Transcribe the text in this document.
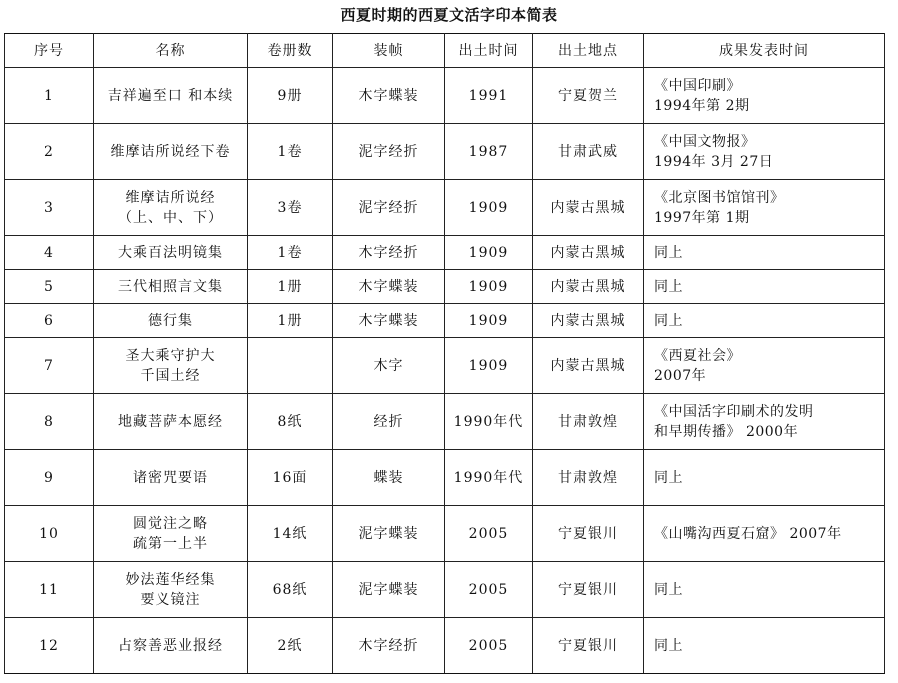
西夏时期的西夏文活字印本简表
序号	名称	卷册数	装帧	出土时间	出土地点	成果发表时间
1	吉祥遍至口 和本续	9册	木字蝶装	1991	宁夏贺兰	《中国印刷》
1994年第 2期

2	维摩诘所说经下卷	1卷	泥字经折	1987	甘肃武威	《中国文物报》
1994年 3月 27日

3	维摩诘所说经
（上、中、下）	3卷	泥字经折	1909	内蒙古黑城	《北京图书馆馆刊》
1997年第 1期

4	大乘百法明镜集	1卷	木字经折	1909	内蒙古黑城	同上

5	三代相照言文集	1册	木字蝶装	1909	内蒙古黑城	同上

6	德行集	1册	木字蝶装	1909	内蒙古黑城	同上

7	圣大乘守护大
千国土经		木字	1909	内蒙古黑城	《西夏社会》
2007年

8	地藏菩萨本愿经	8纸	经折	1990年代	甘肃敦煌	《中国活字印刷术的发明
和早期传播》 2000年

9	诸密咒要语	16面	蝶装	1990年代	甘肃敦煌	同上

10	圆觉注之略
疏第一上半	14纸	泥字蝶装	2005	宁夏银川	《山嘴沟西夏石窟》 2007年

11	妙法莲华经集
要义镜注	68纸	泥字蝶装	2005	宁夏银川	同上

12	占察善恶业报经	2纸	木字经折	2005	宁夏银川	同上
